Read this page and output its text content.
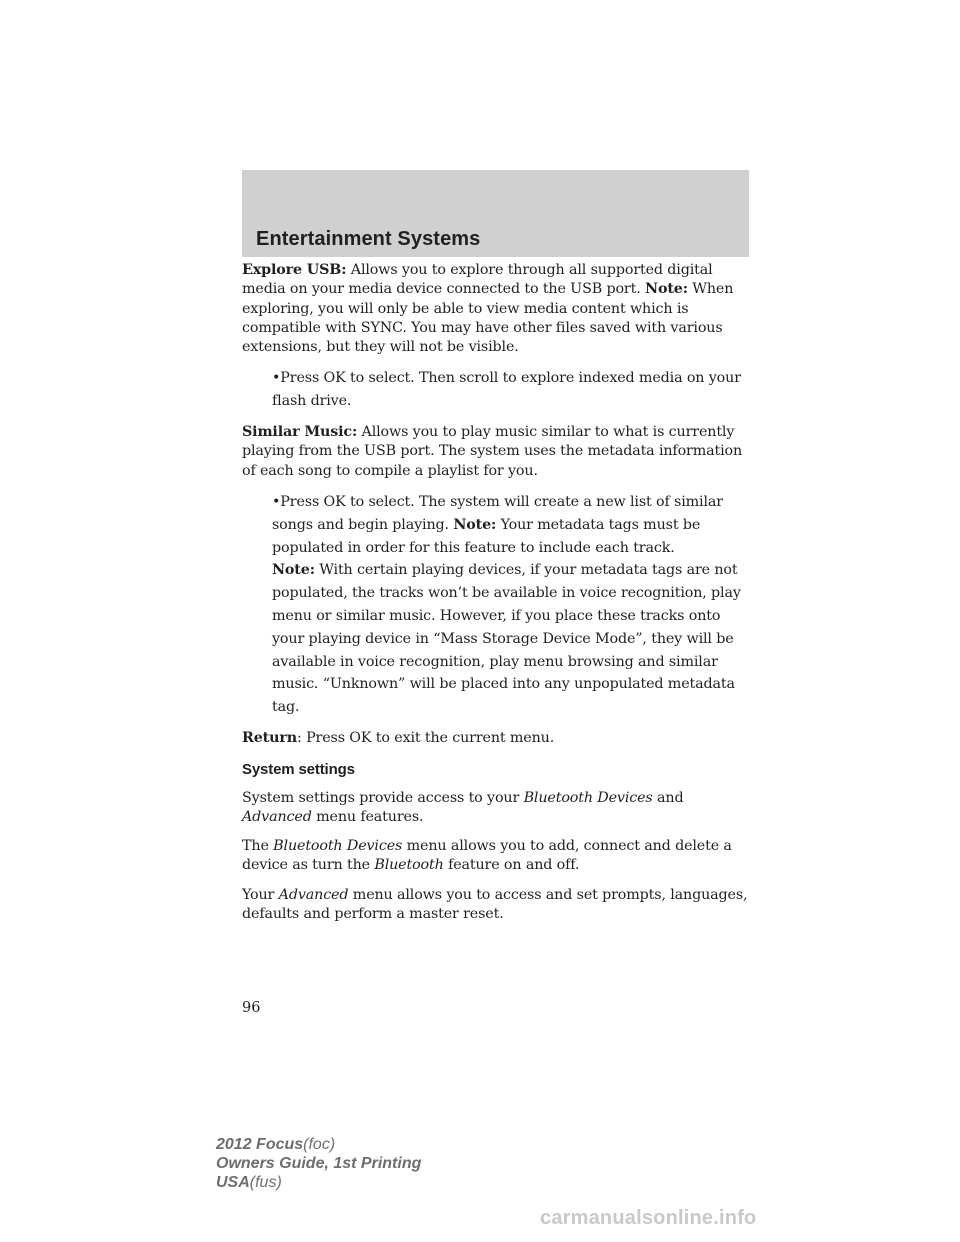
Entertainment Systems

Explore USB: Allows you to explore through all supported digital media on your media device connected to the USB port. Note: When exploring, you will only be able to view media content which is compatible with SYNC. You may have other files saved with various extensions, but they will not be visible.

•Press OK to select. Then scroll to explore indexed media on your flash drive.

Similar Music: Allows you to play music similar to what is currently playing from the USB port. The system uses the metadata information of each song to compile a playlist for you.

•Press OK to select. The system will create a new list of similar songs and begin playing. Note: Your metadata tags must be populated in order for this feature to include each track.
Note: With certain playing devices, if your metadata tags are not populated, the tracks won’t be available in voice recognition, play menu or similar music. However, if you place these tracks onto your playing device in “Mass Storage Device Mode”, they will be available in voice recognition, play menu browsing and similar music. “Unknown” will be placed into any unpopulated metadata tag.

Return: Press OK to exit the current menu.

System settings

System settings provide access to your Bluetooth Devices and Advanced menu features.

The Bluetooth Devices menu allows you to add, connect and delete a device as turn the Bluetooth feature on and off.

Your Advanced menu allows you to access and set prompts, languages, defaults and perform a master reset.

96
2012 Focus(foc)
Owners Guide, 1st Printing
USA(fus)
carmanualsonline.info
